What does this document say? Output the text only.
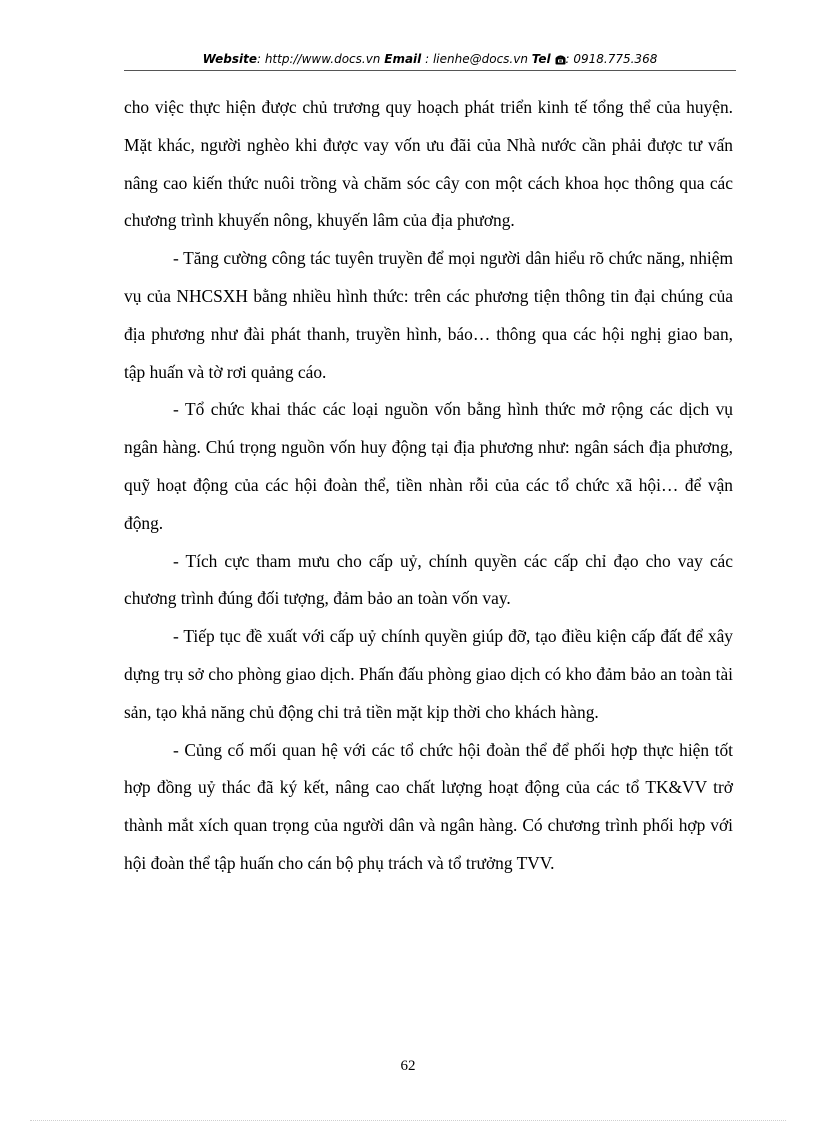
Website: http://www.docs.vn Email : lienhe@docs.vn Tel : 0918.775.368

cho việc thực hiện được chủ trương quy hoạch phát triển kinh tế tổng thể của huyện. Mặt khác, người nghèo khi được vay vốn ưu đãi của Nhà nước cần phải được tư vấn nâng cao kiến thức nuôi trồng và chăm sóc cây con một cách khoa học thông qua các chương trình khuyến nông, khuyến lâm của địa phương.

- Tăng cường công tác tuyên truyền để mọi người dân hiểu rõ chức năng, nhiệm vụ của NHCSXH bằng nhiều hình thức: trên các phương tiện thông tin đại chúng của địa phương như đài phát thanh, truyền hình, báo… thông qua các hội nghị giao ban, tập huấn và tờ rơi quảng cáo.

- Tổ chức khai thác các loại nguồn vốn bằng hình thức mở rộng các dịch vụ ngân hàng. Chú trọng nguồn vốn huy động tại địa phương như: ngân sách địa phương, quỹ hoạt động của các hội đoàn thể, tiền nhàn rỗi của các tổ chức xã hội… để vận động.

- Tích cực tham mưu cho cấp uỷ, chính quyền các cấp chỉ đạo cho vay các chương trình đúng đối tượng, đảm bảo an toàn vốn vay.

- Tiếp tục đề xuất với cấp uỷ chính quyền giúp đỡ, tạo điều kiện cấp đất để xây dựng trụ sở cho phòng giao dịch. Phấn đấu phòng giao dịch có kho đảm bảo an toàn tài sản, tạo khả năng chủ động chi trả tiền mặt kịp thời cho khách hàng.

- Củng cố mối quan hệ với các tổ chức hội đoàn thể để phối hợp thực hiện tốt hợp đồng uỷ thác đã ký kết, nâng cao chất lượng hoạt động của các tổ TK&VV trở thành mắt xích quan trọng của người dân và ngân hàng. Có chương trình phối hợp với hội đoàn thể tập huấn cho cán bộ phụ trách và tổ trưởng TVV.

62
